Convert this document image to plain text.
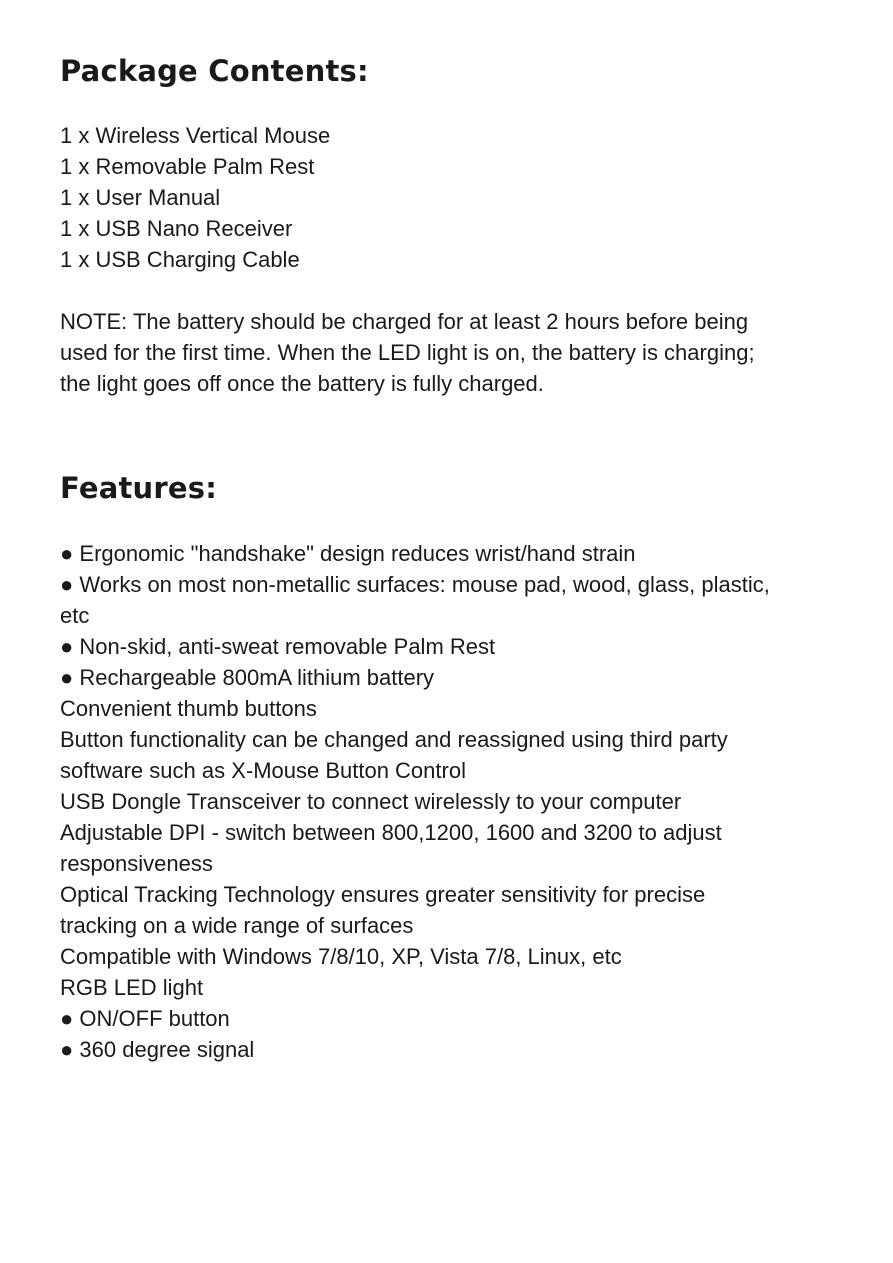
Package Contents:
1 x Wireless Vertical Mouse
1 x Removable Palm Rest
1 x User Manual
1 x USB Nano Receiver
1 x USB Charging Cable

NOTE: The battery should be charged for at least 2 hours before being

used for the first time. When the LED light is on, the battery is charging;

the light goes off once the battery is fully charged.

Features:

● Ergonomic "handshake" design reduces wrist/hand strain

● Works on most non-metallic surfaces: mouse pad, wood, glass, plastic,

etc

● Non-skid, anti-sweat removable Palm Rest

● Rechargeable 800mA lithium battery

Convenient thumb buttons

Button functionality can be changed and reassigned using third party

software such as X-Mouse Button Control

USB Dongle Transceiver to connect wirelessly to your computer

Adjustable DPI - switch between 800,1200, 1600 and 3200 to adjust

responsiveness

Optical Tracking Technology ensures greater sensitivity for precise

tracking on a wide range of surfaces

Compatible with Windows 7/8/10, XP, Vista 7/8, Linux, etc

RGB LED light

● ON/OFF button

● 360 degree signal
